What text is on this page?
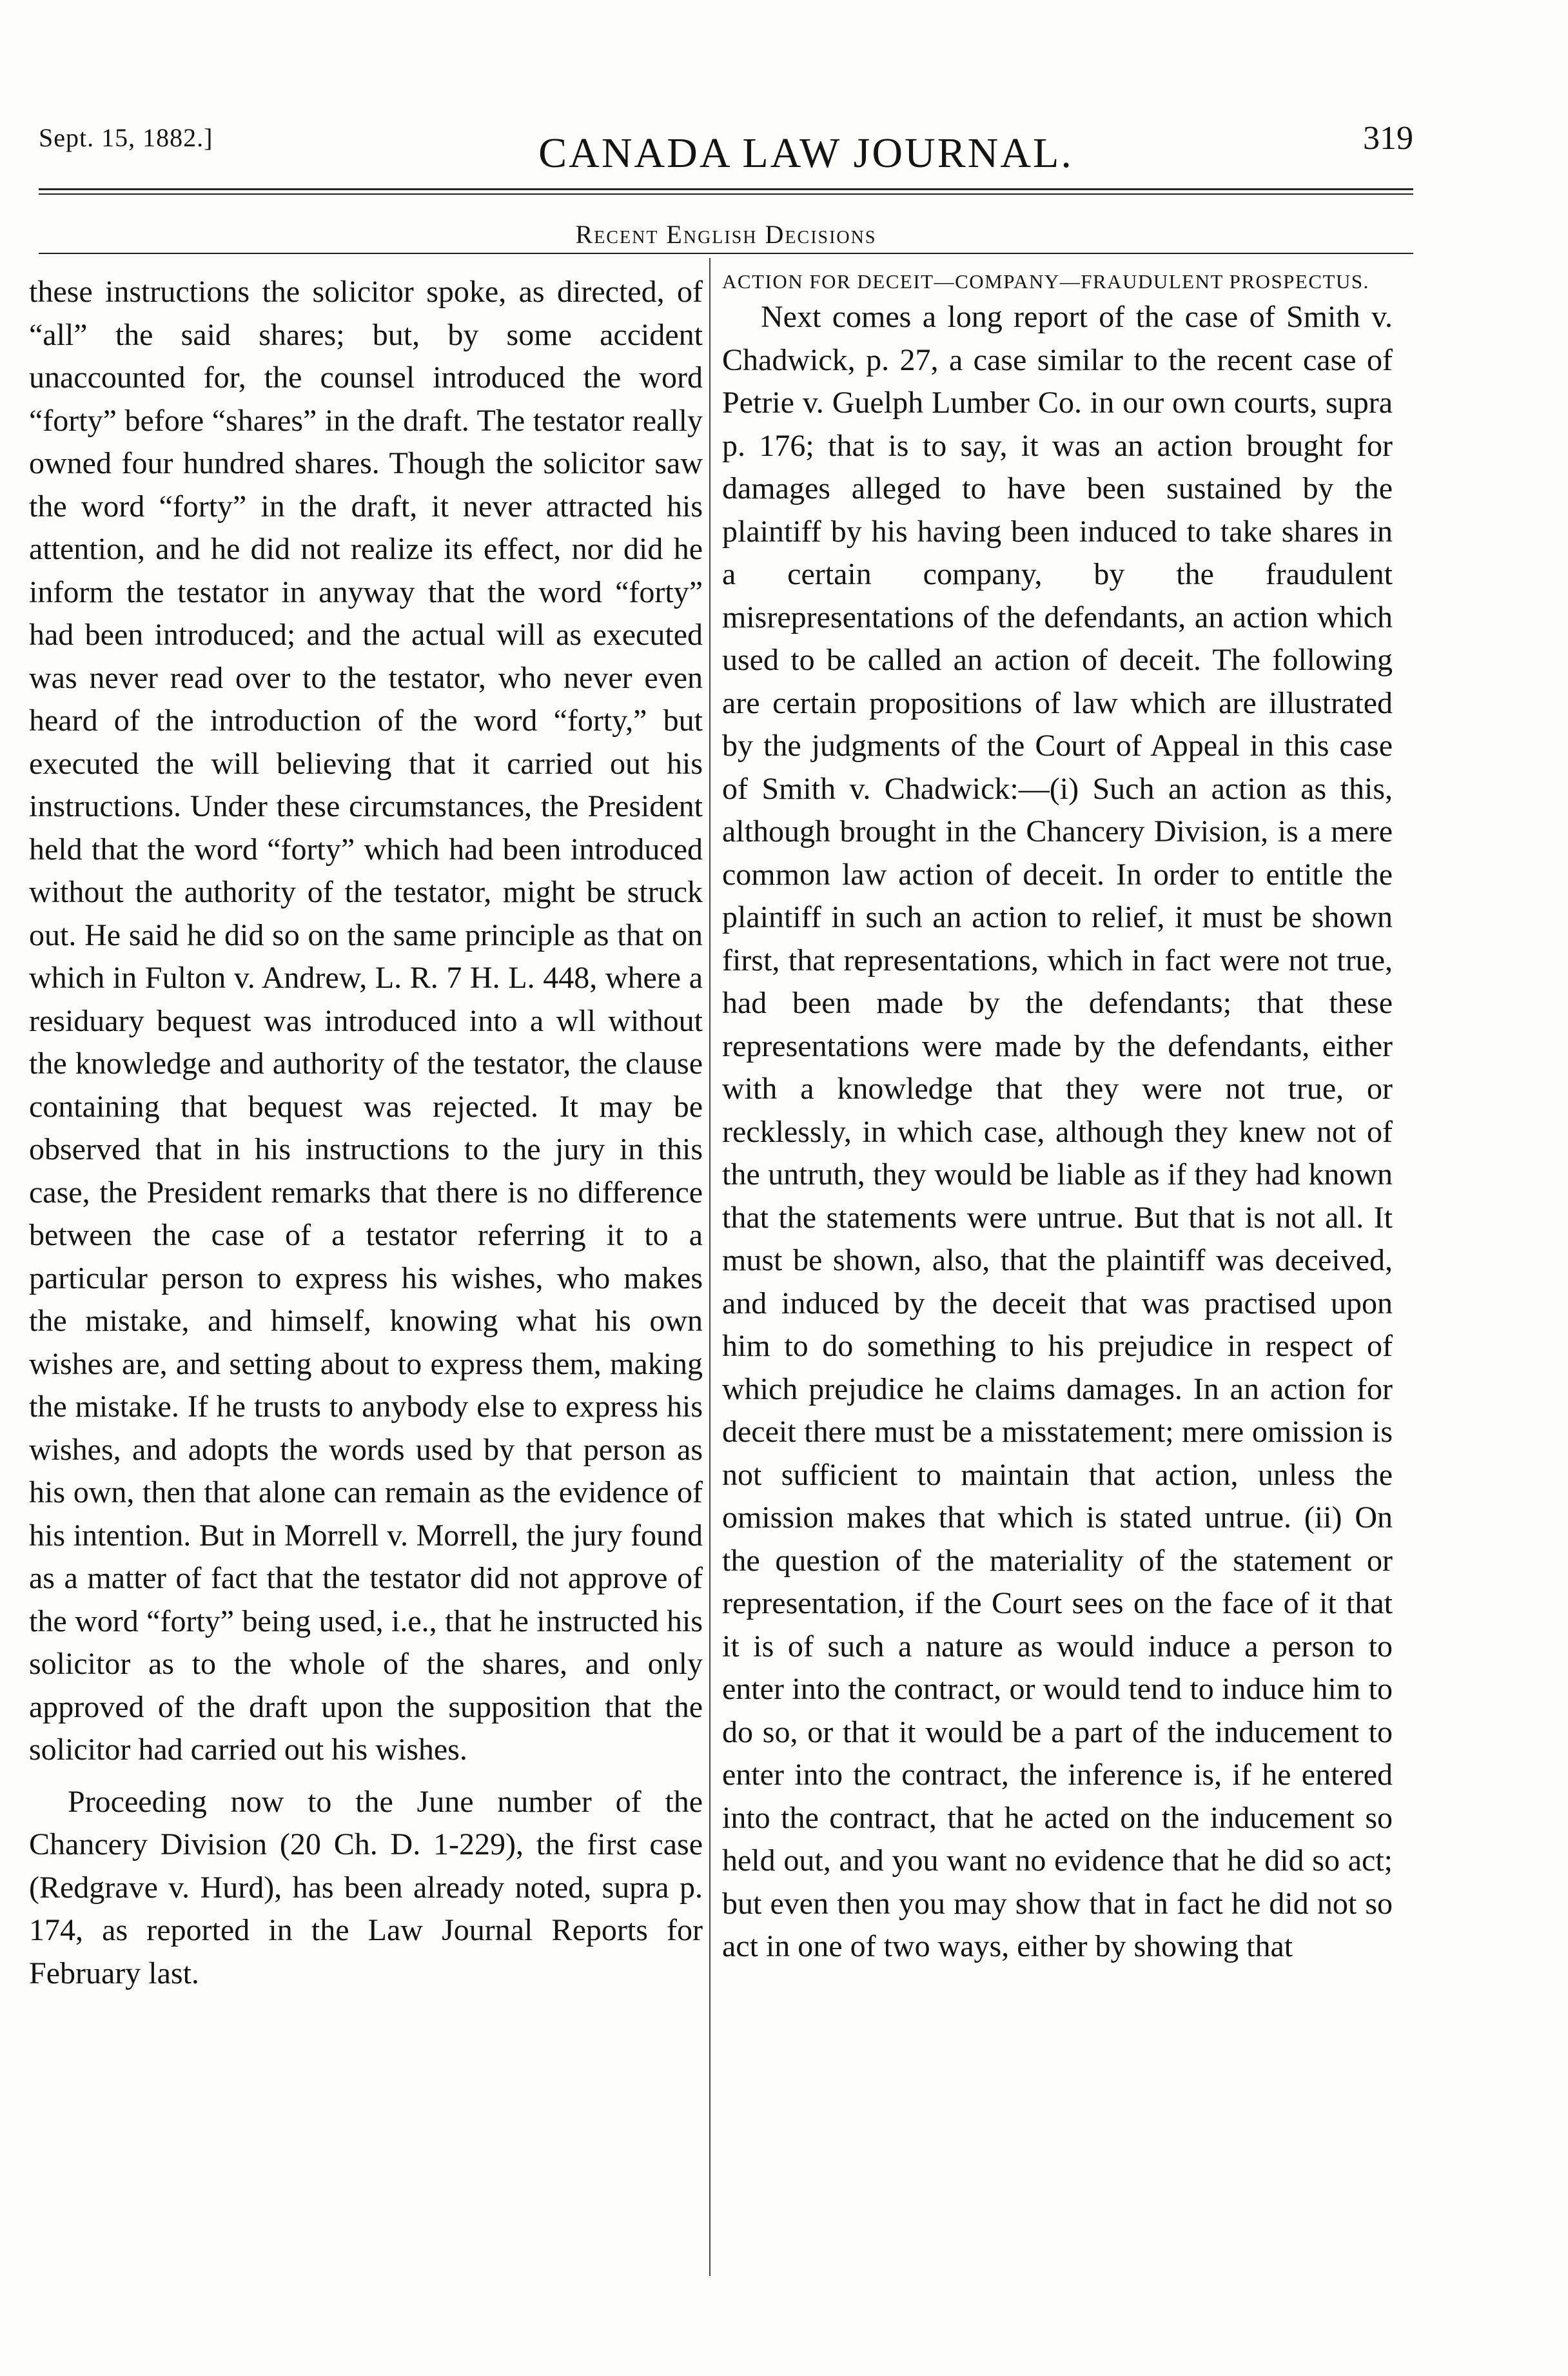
Sept. 15, 1882.]	CANADA LAW JOURNAL.	319
Recent English Decisions

these instructions the solicitor spoke, as directed, of “all” the said shares; but, by some accident unaccounted for, the counsel introduced the word “forty” before “shares” in the draft. The testator really owned four hundred shares. Though the solicitor saw the word “forty” in the draft, it never attracted his attention, and he did not realize its effect, nor did he inform the testator in anyway that the word “forty” had been introduced; and the actual will as executed was never read over to the testator, who never even heard of the introduction of the word “forty,” but executed the will believing that it carried out his instructions. Under these circumstances, the President held that the word “forty” which had been introduced without the authority of the testator, might be struck out. He said he did so on the same principle as that on which in Fulton v. Andrew, L. R. 7 H. L. 448, where a residuary bequest was introduced into a wll without the knowledge and authority of the testator, the clause containing that bequest was rejected. It may be observed that in his instructions to the jury in this case, the President remarks that there is no difference between the case of a testator referring it to a particular person to express his wishes, who makes the mistake, and himself, knowing what his own wishes are, and setting about to express them, making the mistake. If he trusts to anybody else to express his wishes, and adopts the words used by that person as his own, then that alone can remain as the evidence of his intention. But in Morrell v. Morrell, the jury found as a matter of fact that the testator did not approve of the word “forty” being used, i.e., that he instructed his solicitor as to the whole of the shares, and only approved of the draft upon the supposition that the solicitor had carried out his wishes.

Proceeding now to the June number of the Chancery Division (20 Ch. D. 1-229), the first case (Redgrave v. Hurd), has been already noted, supra p. 174, as reported in the Law Journal Reports for February last.

ACTION FOR DECEIT—COMPANY—FRAUDULENT PROSPECTUS.

Next comes a long report of the case of Smith v. Chadwick, p. 27, a case similar to the recent case of Petrie v. Guelph Lumber Co. in our own courts, supra p. 176; that is to say, it was an action brought for damages alleged to have been sustained by the plaintiff by his having been induced to take shares in a certain company, by the fraudulent misrepresentations of the defendants, an action which used to be called an action of deceit. The following are certain propositions of law which are illustrated by the judgments of the Court of Appeal in this case of Smith v. Chadwick:—(i) Such an action as this, although brought in the Chancery Division, is a mere common law action of deceit. In order to entitle the plaintiff in such an action to relief, it must be shown first, that representations, which in fact were not true, had been made by the defendants; that these representations were made by the defendants, either with a knowledge that they were not true, or recklessly, in which case, although they knew not of the untruth, they would be liable as if they had known that the statements were untrue. But that is not all. It must be shown, also, that the plaintiff was deceived, and induced by the deceit that was practised upon him to do something to his prejudice in respect of which prejudice he claims damages. In an action for deceit there must be a misstatement; mere omission is not sufficient to maintain that action, unless the omission makes that which is stated untrue. (ii) On the question of the materiality of the statement or representation, if the Court sees on the face of it that it is of such a nature as would induce a person to enter into the contract, or would tend to induce him to do so, or that it would be a part of the inducement to enter into the contract, the inference is, if he entered into the contract, that he acted on the inducement so held out, and you want no evidence that he did so act; but even then you may show that in fact he did not so act in one of two ways, either by showing that
